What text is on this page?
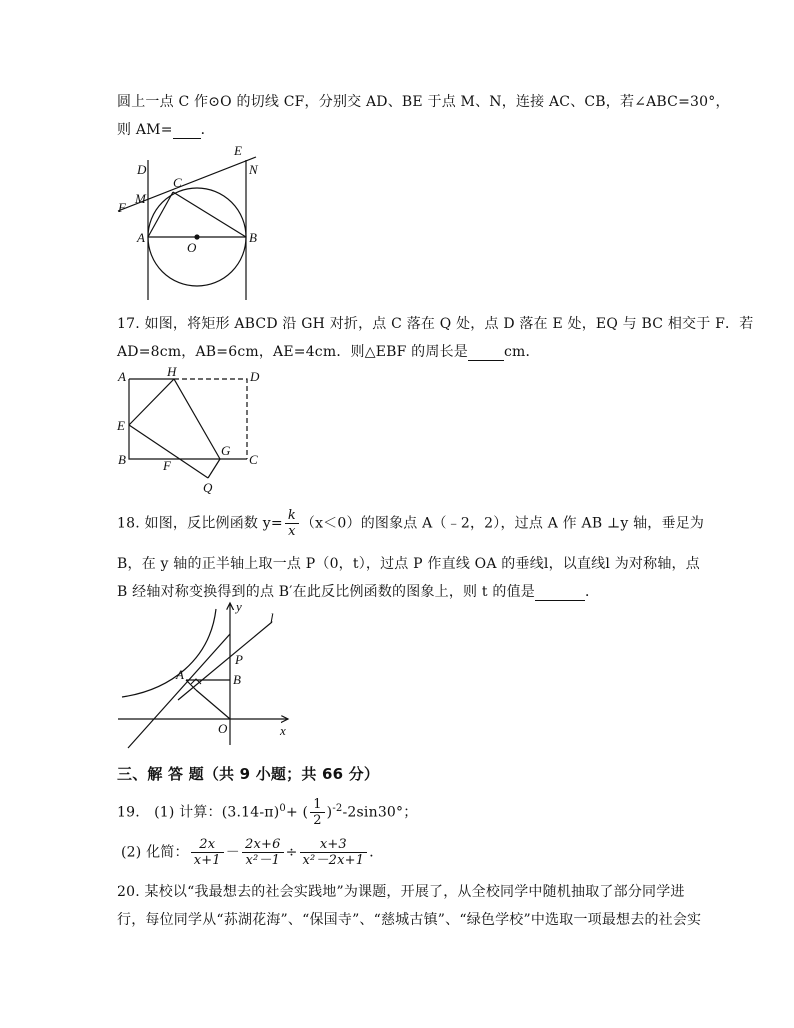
圆上一点 C 作⊙O 的切线 CF，分别交 AD、BE 于点 M、N，连接 AC、CB，若∠ABC=30°，
则 AM= ．
D
E
N
C
M
F
A
O
B
17. 如图，将矩形 ABCD 沿 GH 对折，点 C 落在 Q 处，点 D 落在 E 处，EQ 与 BC 相交于 F．若
AD=8cm，AB=6cm，AE=4cm．则△EBF 的周长是	cm．
A	H	D
E
G
B	F	C
Q
18. 如图，反比例函数 $y= \frac{k}{x} (x<0)$的图象点 A（﹣2，2），过点 A 作 AB ⊥y 轴，垂足为
B，在 y 轴的正半轴上取一点 P（0，t），过点 P 作直线 OA 的垂线l，以直线l 为对称轴，点
B 经轴对称变换得到的点 B′在此反比例函数的图象上，则 t 的值是	．
y
l
P
A	B
O	x
三、解 答 题（共 9 小题；共 66 分）
19.　(1) 计算：$(3.14-\pi)^0+$ ( $\frac{1}{2} )^{-2}-2\sin 30^\circ$；
(2) 化简： $\frac{2x}{x+1} - \frac{2x+6}{\text{x²－1}} \div \frac{x+3}{\text{x²－2x+1}}$ ．
20. 某校以“我最想去的社会实践地”为课题，开展了，从全校同学中随机抽取了部分同学进
行，每位同学从“荪湖花海”、“保国寺”、“慈城古镇”、“绿色学校”中选取一项最想去的社会实
